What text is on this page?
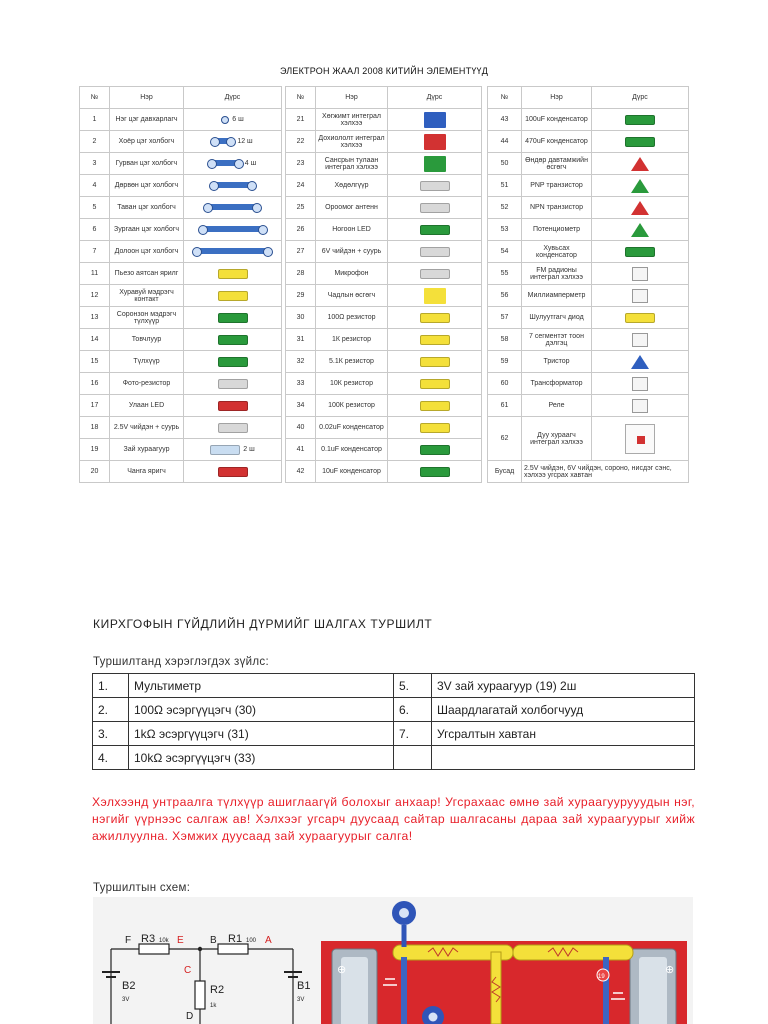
ЭЛЕКТРОН ЖААЛ 2008 КИТИЙН ЭЛЕМЕНТҮҮД
№	Нэр	Дүрс
1	Нэг цэг давхарлагч	6 ш
2	Хоёр цэг холбогч	12 ш
3	Гурван цэг холбогч	4 ш
4	Дөрвөн цэг холбогч	
5	Таван цэг холбогч	
6	Зургаан цэг холбогч	
7	Долоон цэг холбогч	
11	Пьезо аятсан ярилг	
12	Хуравуй мэдрэгч контакт	
13	Соронзон мэдрэгч түлхүүр	
14	Товчлуур	
15	Түлхүүр	
16	Фото-резистор	
17	Улаан LED	
18	2.5V чийдэн + суурь	
19	Зай хураагуур	2 ш
20	Чанга яригч	
№	Нэр	Дүрс
21	Хөгжимт интеграл хэлхээ	
22	Дохиололт интеграл хэлхээ	
23	Сансрын тулаан интеграл хэлхээ	
24	Хөдөлгүүр	
25	Ороомог антенн	
26	Ногоон LED	
27	6V чийдэн + суурь	
28	Микрофон	
29	Чадлын өсгөгч	
30	100Ω резистор	
31	1К резистор	
32	5.1К резистор	
33	10К резистор	
34	100К резистор	
40	0.02uF конденсатор	
41	0.1uF конденсатор	
42	10uF конденсатор	
№	Нэр	Дүрс
43	100uF конденсатор	
44	470uF конденсатор	
50	Өндөр давтамжийн өсгөгч	
51	PNP транзистор	
52	NPN транзистор	
53	Потенциометр	
54	Хувьсах конденсатор	
55	FM радионы интеграл хэлхээ	
56	Миллиамперметр	
57	Шулуутгагч диод	
58	7 сегментэт тоон дэлгэц	
59	Тристор	
60	Трансформатор	
61	Реле	
62	Дуу хураагч интеграл хэлхээ	

Бусад	2.5V чийдэн, 6V чийдэн, сороно, нисдэг сэнс, хэлхээ угсрах хавтан	
КИРХГОФЫН ГҮЙДЛИЙН ДҮРМИЙГ ШАЛГАХ ТУРШИЛТ
Туршилтанд хэрэглэгдэх зүйлс:
1.	Мультиметр	5.	3V зай хураагуур (19) 2ш
2.	100Ω эсэргүүцэгч (30)	6.	Шаардлагатай холбогчууд
3.	1kΩ эсэргүүцэгч (31)	7.	Угсралтын хавтан
4.	10kΩ эсэргүүцэгч (33)		
Хэлхээнд унтраалга түлхүүр ашиглаагүй болохыг анхаар! Угсрахаас өмнө зай хураагуурууудын нэг, нэгийг үүрнээс салгаж ав! Хэлхээг угсарч дуусаад сайтар шалгасаны дараа зай хураагуурыг хийж ажиллуулна. Хэмжих дуусаад зай хураагуурыг салга!
Туршилтын схем:
F R3 10k E	B R1 100 A
C
R2
1k
D
B2
3V
B1
3V
⊕	⊕
19
